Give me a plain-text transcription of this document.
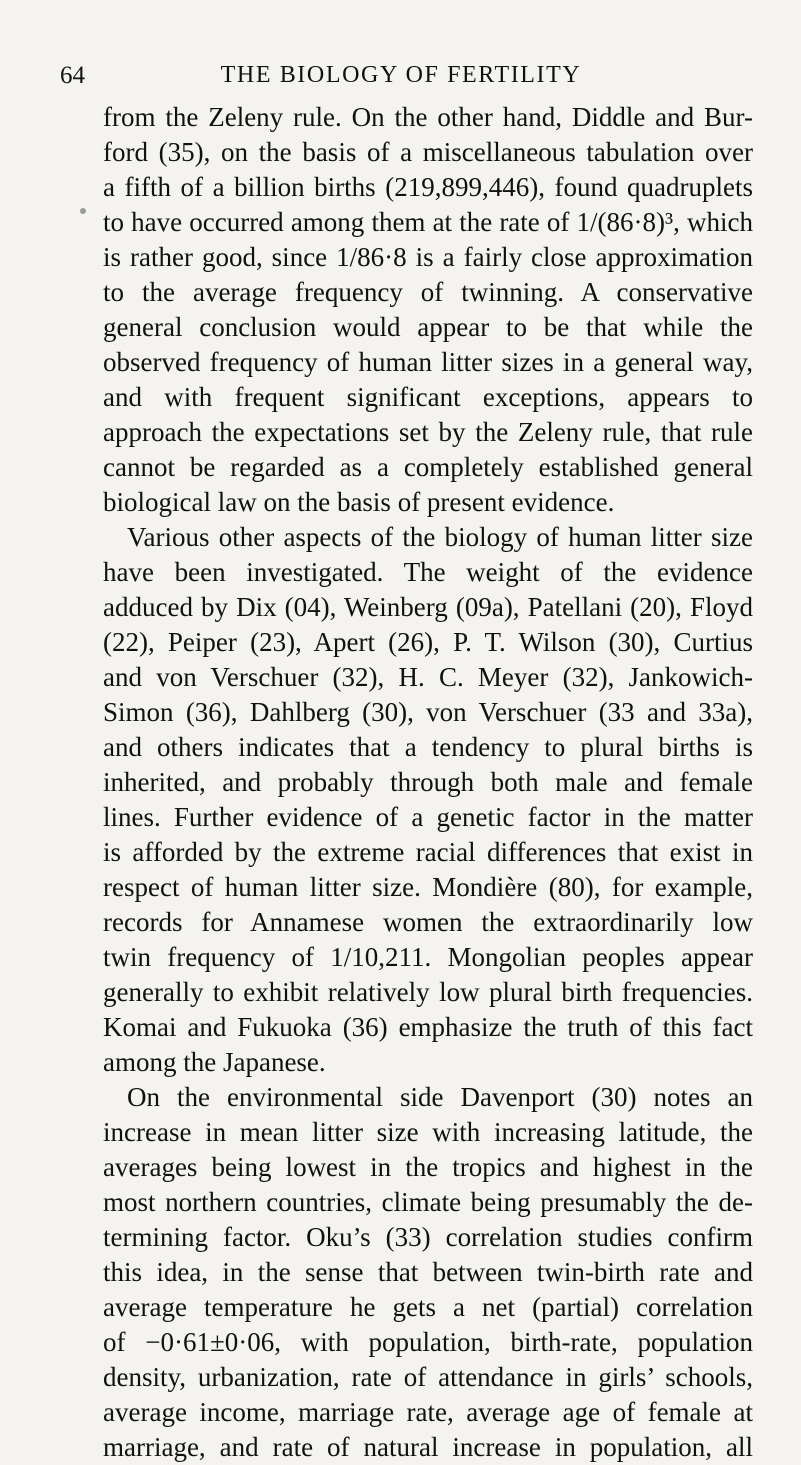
64	THE BIOLOGY OF FERTILITY
from the Zeleny rule. On the other hand, Diddle and Bur-
ford (35), on the basis of a miscellaneous tabulation over
a fifth of a billion births (219,899,446), found quadruplets
to have occurred among them at the rate of 1/(86·8)³, which
is rather good, since 1/86·8 is a fairly close approximation
to the average frequency of twinning. A conservative
general conclusion would appear to be that while the
observed frequency of human litter sizes in a general way,
and with frequent significant exceptions, appears to
approach the expectations set by the Zeleny rule, that rule
cannot be regarded as a completely established general
biological law on the basis of present evidence.
Various other aspects of the biology of human litter size
have been investigated. The weight of the evidence
adduced by Dix (04), Weinberg (09a), Patellani (20), Floyd
(22), Peiper (23), Apert (26), P. T. Wilson (30), Curtius
and von Verschuer (32), H. C. Meyer (32), Jankowich-
Simon (36), Dahlberg (30), von Verschuer (33 and 33a),
and others indicates that a tendency to plural births is
inherited, and probably through both male and female
lines. Further evidence of a genetic factor in the matter
is afforded by the extreme racial differences that exist in
respect of human litter size. Mondière (80), for example,
records for Annamese women the extraordinarily low
twin frequency of 1/10,211. Mongolian peoples appear
generally to exhibit relatively low plural birth frequencies.
Komai and Fukuoka (36) emphasize the truth of this fact
among the Japanese.
On the environmental side Davenport (30) notes an
increase in mean litter size with increasing latitude, the
averages being lowest in the tropics and highest in the
most northern countries, climate being presumably the de-
termining factor. Oku’s (33) correlation studies confirm
this idea, in the sense that between twin-birth rate and
average temperature he gets a net (partial) correlation
of −0·61±0·06, with population, birth-rate, population
density, urbanization, rate of attendance in girls’ schools,
average income, marriage rate, average age of female at
marriage, and rate of natural increase in population, all
